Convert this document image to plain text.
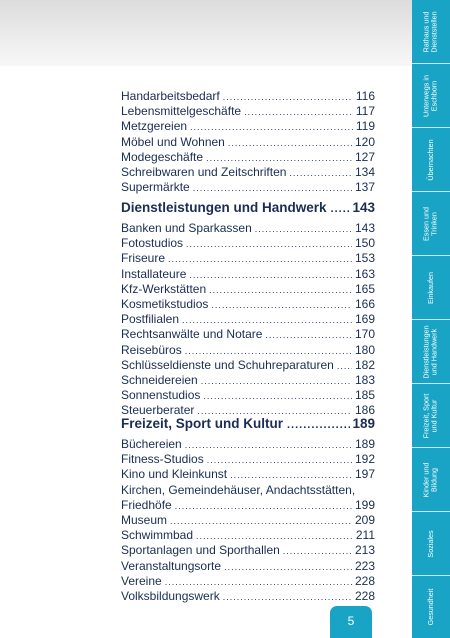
Handarbeitsbedarf .....	116
Lebensmittelgeschäfte .....	117
Metzgereien .....	119
Möbel und Wohnen .....	120
Modegeschäfte .....	127
Schreibwaren und Zeitschriften .....	134
Supermärkte .....	137
Dienstleistungen und Handwerk ..... 143
Banken und Sparkassen .....	143
Fotostudios .....	150
Friseure .....	153
Installateure .....	163
Kfz-Werkstätten .....	165
Kosmetikstudios .....	166
Postfilialen .....	169
Rechtsanwälte und Notare .....	170
Reisebüros .....	180
Schlüsseldienste und Schuhreparaturen ..... 182
Schneidereien .....	183
Sonnenstudios .....	185
Steuerberater .....	186
Freizeit, Sport und Kultur .....	189
Büchereien .....	189
Fitness-Studios .....	192
Kino und Kleinkunst .....	197
Kirchen, Gemeindehäuser, Andachtsstätten,
Friedhöfe .....	199
Museum .....	209
Schwimmbad .....	211
Sportanlagen und Sporthallen .....	213
Veranstaltungsorte .....	223
Vereine .....	228
Volksbildungswerk .....	228
Rathaus und
Dienststellen
Unterwegs in
Eschborn
Übernachten
Essen und
Trinken
Einkaufen
Dienstleistungen
und Handwerk
Freizeit, Sport
und Kultur
Kinder und
Bildung
Soziales
Gesundheit
5
